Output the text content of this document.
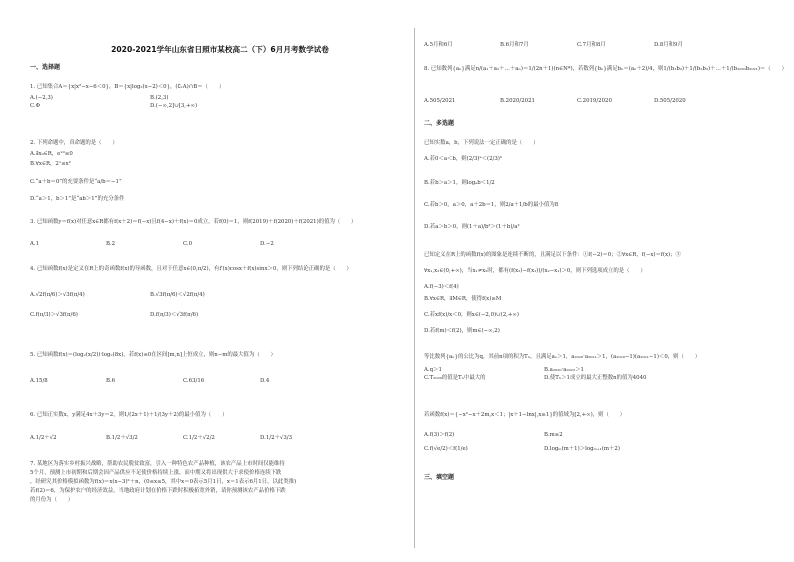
2020-2021学年山东省日照市某校高二（下）6月月考数学试卷
一、选择题
1. 已知集合A＝{x|x²−x−6＜0}，B＝{x|log₂(x−2)＜0}，(∁ᵣA)∩B＝（　　）
A.(−2,3)	B.(2,3)
C.Φ	D.(−∞,2]∪[3,+∞)
2. 下列命题中，真命题的是（　　）
A.∃x₀∈R，eˣ⁰≤0
B.∀x∈R，2ˣ≤x²
C.“a＋b＝0”的充要条件是“a/b＝−1”
D.“a＞1，b＞1”是“ab＞1”的充分条件
3. 已知函数y＝f(x)对任意x∈R都有f(x＋2)＝f(−x)且f(4−x)＋f(x)＝0成立，若f(0)＝1，则f(2019)＋f(2020)＋f(2021)的值为（　　）
A.1	B.2	C.0	D.−2
4. 已知函数f(x)是定义在R上的奇函数f(x)的导函数，且对于任意x∈(0,π/2)，有f′(x)cosx＋f(x)sinx＞0，则下列结论正确的是（　　）
A.√2f(π/6)＞√3f(π/4)	B.√3f(π/6)＜√2f(π/4)
C.f(π/3)＞√3f(π/6)	D.f(π/3)＜√3f(π/6)
5. 已知函数f(x)＝(log₂(x/2))·log₂(8x)，若f(x)≤0在区间[m,n]上恒成立，则n−m的最大值为（　　）
A.15/8	B.6	C.63/16	D.4
6. 已知正实数x，y满足4x＋3y＝2，则1/(2x＋1)＋1/(3y＋2)的最小值为（　　）
A.1/2＋√2	B.1/2＋√3/2	C.1/2＋√2/2	D.1/2＋√3/3
7. 某地区为落实乡村振兴战略，帮助农民脱贫致富，引入一种特色农产品种植，该农产品上市时间仅能维持
5个月，预测上市初期和后期会因产品供应不足使价格持续上涨，而中期又将出现供大于求使价格连续下跌
，经研究其价格模拟函数为f(x)＝x(x−3)²＋n，(0≤x≤5，其中x＝0表示5月1日，x＝1表示6月1日，以此类推)
若f(2)＝6，为保护农户的经济效益，当地政府计划在价格下跌时积极拓宽外销，请你预测该农产品价格下跌
的月份为（　　）
A.5月和6月	B.6月和7月	C.7月和8月	D.8月和9月
8. 已知数列{aₙ}满足n/(a₁＋a₂＋…＋aₙ)＝1/(2n＋1)(n∈N*)，若数列{bₙ}满足bₙ＝(aₙ＋2)/4，则1/(b₁b₂)＋1/(b₂b₃)＋…＋1/(b₂₀₂₀b₂₀₂₁)＝（　　）
A.505/2021	B.2020/2021	C.2019/2020	D.505/2020
二、多选题
已知实数a，b，下列说法一定正确的是（　　）
A.若0＜a＜b，则(2/3)ᵃ＜(2/3)ᵇ
B.若b＞a＞1，则logₐb＜1/2
C.若b＞0，a＞0，a＋2b＝1，则2/a＋1/b的最小值为8
D.若a＞b＞0，则(1＋a)/b²＞(1＋b)/a²
已知定义在R上的函数f(x)的图象是连续不断的，且满足以下条件：①f(−2)＝0；②∀x∈R，f(−x)＝f(x)；③
∀x₁,x₂∈(0,+∞)，当x₁≠x₂时，都有(f(x₂)−f(x₁))/(x₂−x₁)＞0，则下列选项成立的是（　　）
A.f(−3)＜f(4)
B.∀x∈R，∃M∈R，使得f(x)≥M
C.若xf(x)/x＜0，则x∈(−2,0)∪(2,+∞)
D.若f(m)＜f(2)，则m∈(−∞,2)
等比数列{aₙ}的公比为q，其前n项的积为Tₙ，且满足a₁＞1，a₂₀₂₀·a₂₀₂₁＞1，(a₂₀₂₀−1)(a₂₀₂₁−1)＜0，则（　　）
A.q＞1	B.a₂₀₂₀·a₂₀₂₂＞1
C.T₂₀₂₀的值是Tₙ中最大的	D.使Tₙ＞1成立的最大正整数n的值为4040
若函数f(x)＝{−x²−x＋2m,x＜1；|x＋1−lnx|,x≥1}的值域为[2,+∞)，则（　　）
A.f(3)＞f(2)	B.m≥2
C.f(√e/2)＜f(1/e)	D.logₘ(m＋1)＞logₘ₊₁(m＋2)
三、填空题
